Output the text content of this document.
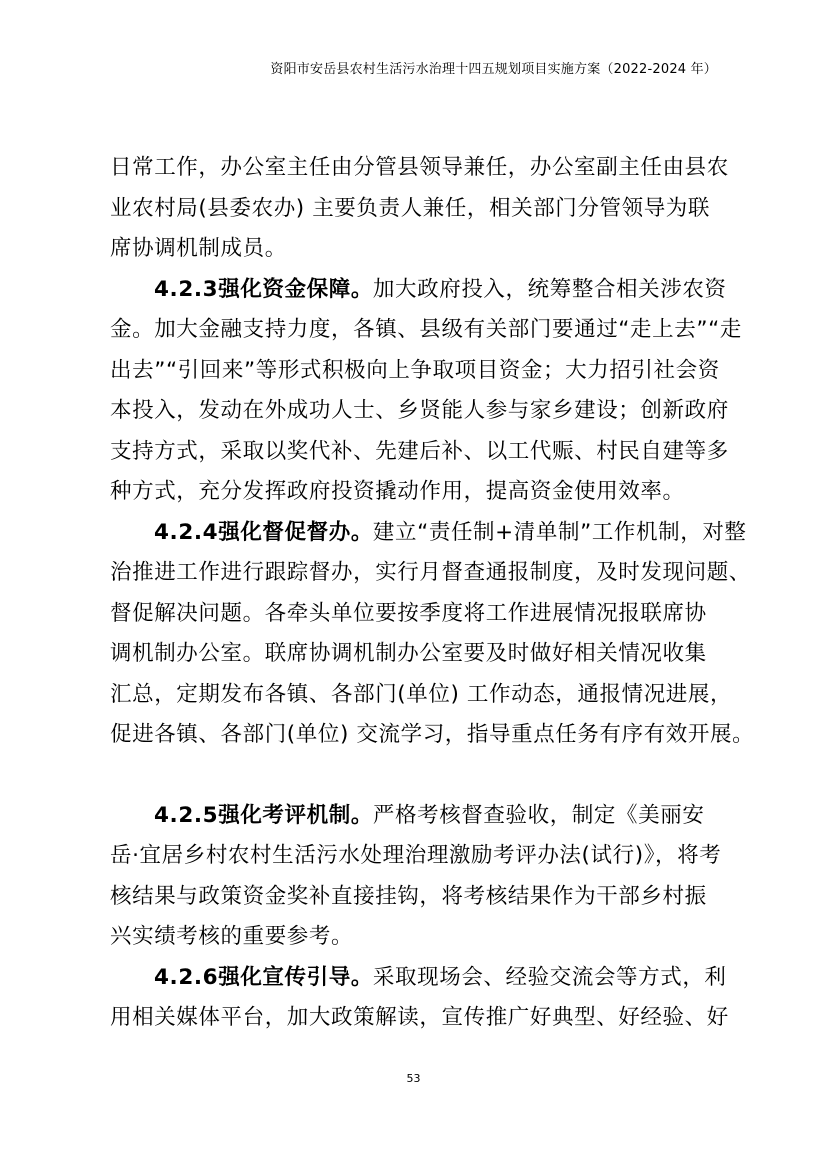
资阳市安岳县农村生活污水治理十四五规划项目实施方案（2022-2024 年）

日常工作，办公室主任由分管县领导兼任，办公室副主任由县农
业农村局(县委农办) 主要负责人兼任，相关部门分管领导为联
席协调机制成员。

4.2.3强化资金保障。加大政府投入，统筹整合相关涉农资
金。加大金融支持力度，各镇、县级有关部门要通过“走上去”“走
出去”“引回来”等形式积极向上争取项目资金；大力招引社会资
本投入，发动在外成功人士、乡贤能人参与家乡建设；创新政府
支持方式，采取以奖代补、先建后补、以工代赈、村民自建等多
种方式，充分发挥政府投资撬动作用，提高资金使用效率。

4.2.4强化督促督办。建立“责任制+清单制”工作机制，对整
治推进工作进行跟踪督办，实行月督查通报制度，及时发现问题、
督促解决问题。各牵头单位要按季度将工作进展情况报联席协
调机制办公室。联席协调机制办公室要及时做好相关情况收集
汇总，定期发布各镇、各部门(单位) 工作动态，通报情况进展，
促进各镇、各部门(单位) 交流学习，指导重点任务有序有效开展。

4.2.5强化考评机制。严格考核督查验收，制定《美丽安
岳·宜居乡村农村生活污水处理治理激励考评办法(试行)》，将考
核结果与政策资金奖补直接挂钩，将考核结果作为干部乡村振
兴实绩考核的重要参考。

4.2.6强化宣传引导。采取现场会、经验交流会等方式，利
用相关媒体平台，加大政策解读，宣传推广好典型、好经验、好

53
